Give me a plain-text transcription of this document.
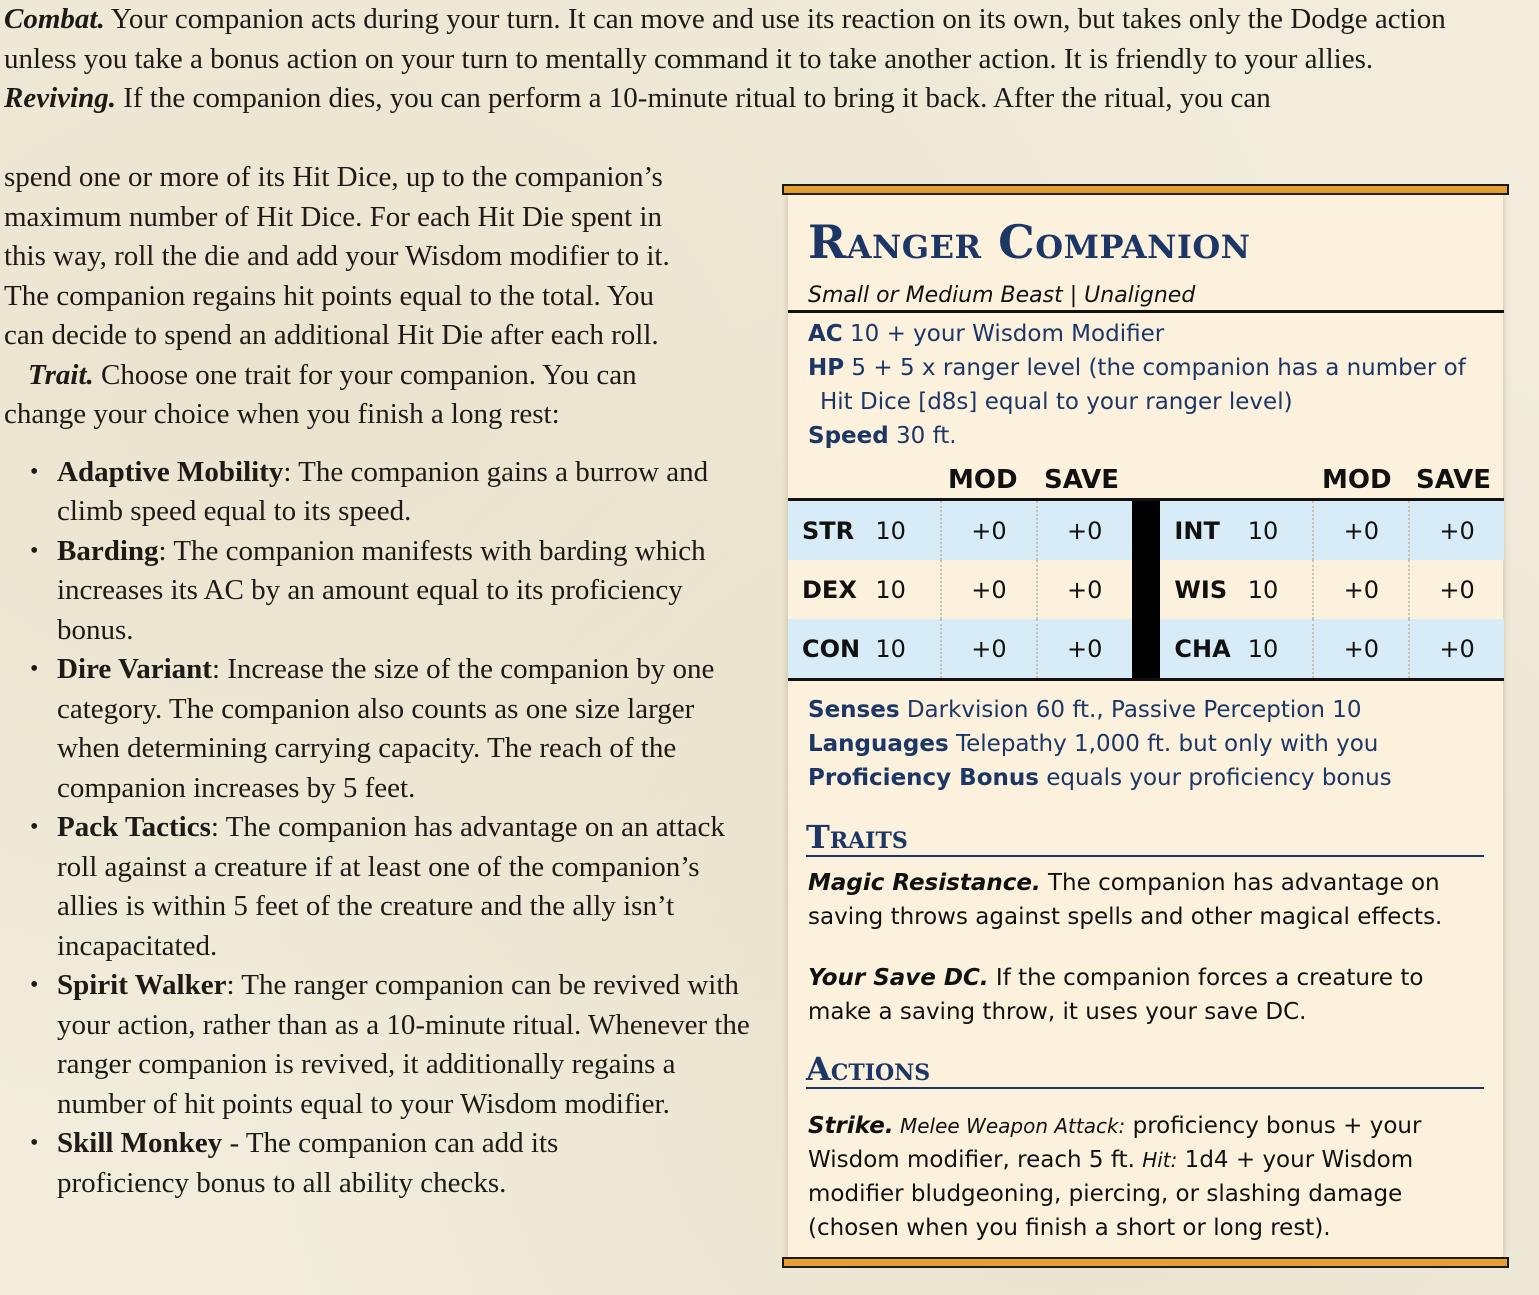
Combat. Your companion acts during your turn. It can move and use its reaction on its own, but takes only the Dodge action unless you take a bonus action on your turn to mentally command it to take another action. It is friendly to your allies.

Reviving. If the companion dies, you can perform a 10-minute ritual to bring it back. After the ritual, you can

spend one or more of its Hit Dice, up to the companion’s

maximum number of Hit Dice. For each Hit Die spent in

this way, roll the die and add your Wisdom modifier to it.

The companion regains hit points equal to the total. You

can decide to spend an additional Hit Die after each roll.

Trait. Choose one trait for your companion. You can change your choice when you finish a long rest:

• Adaptive Mobility: The companion gains a burrow and climb speed equal to its speed.
• Barding: The companion manifests with barding which increases its AC by an amount equal to its proficiency bonus.
• Dire Variant: Increase the size of the companion by one category. The companion also counts as one size larger when determining carrying capacity. The reach of the companion increases by 5 feet.
• Pack Tactics: The companion has advantage on an attack roll against a creature if at least one of the companion’s allies is within 5 feet of the creature and the ally isn’t incapacitated.
• Spirit Walker: The ranger companion can be revived with your action, rather than as a 10-minute ritual. Whenever the ranger companion is revived, it additionally regains a number of hit points equal to your Wisdom modifier.
• Skill Monkey - The companion can add its proficiency bonus to all ability checks.
Ranger Companion
Small or Medium Beast | Unaligned
AC 10 + your Wisdom Modifier
HP 5 + 5 x ranger level (the companion has a number of
Hit Dice [d8s] equal to your ranger level)
Speed 30 ft.
MOD SAVE	MOD SAVE
STR	10	+0	+0		INT	10	+0	+0
DEX	10	+0	+0		WIS	10	+0	+0
CON	10	+0	+0		CHA	10	+0	+0
Senses Darkvision 60 ft., Passive Perception 10
Languages Telepathy 1,000 ft. but only with you
Proficiency Bonus equals your proficiency bonus
Traits
Magic Resistance. The companion has advantage on saving throws against spells and other magical effects.
Your Save DC. If the companion forces a creature to make a saving throw, it uses your save DC.
Actions
Strike. Melee Weapon Attack: proficiency bonus + your Wisdom modifier, reach 5 ft. Hit: 1d4 + your Wisdom modifier bludgeoning, piercing, or slashing damage (chosen when you finish a short or long rest).
